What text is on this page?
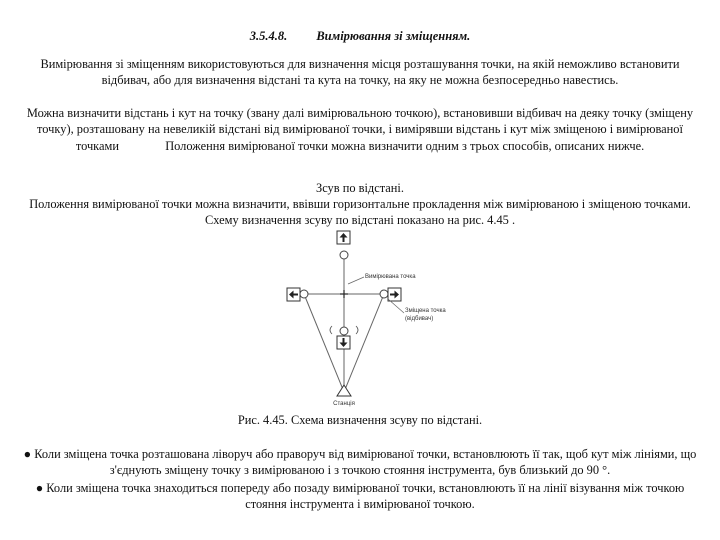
3.5.4.8. Вимірювання зі зміщенням.

Вимірювання зі зміщенням використовуються для визначення місця розташування точки, на якій неможливо встановити відбивач, або для визначення відстані та кута на точку, на яку не можна безпосередньо навестись.

Можна визначити відстань і кут на точку (звану далі вимірювальною точкою), встановивши відбивач на деяку точку (зміщену точку), розташовану на невеликій відстані від вимірюваної точки, і вимірявши відстань і кут між зміщеною і вимірюваної точками	Положення вимірюваної точки можна визначити одним з трьох способів, описаних нижче.

Зсув по відстані.

Положення вимірюваної точки можна визначити, ввівши горизонтальне прокладення між вимірюваною і зміщеною точками. Схему визначення зсуву по відстані показано на рис. 4.45 .

Вимірювана точка
Зміщена точка
(відбивач)
Станція
Рис. 4.45. Схема визначення зсуву по відстані.

● Коли зміщена точка розташована ліворуч або праворуч від вимірюваної точки, встановлюють її так, щоб кут між лініями, що з'єднують зміщену точку з вимірюваною і з точкою стояння інструмента, був близький до 90 °.

● Коли зміщена точка знаходиться попереду або позаду вимірюваної точки, встановлюють її на лінії візування між точкою стояння інструмента і вимірюваної точкою.
